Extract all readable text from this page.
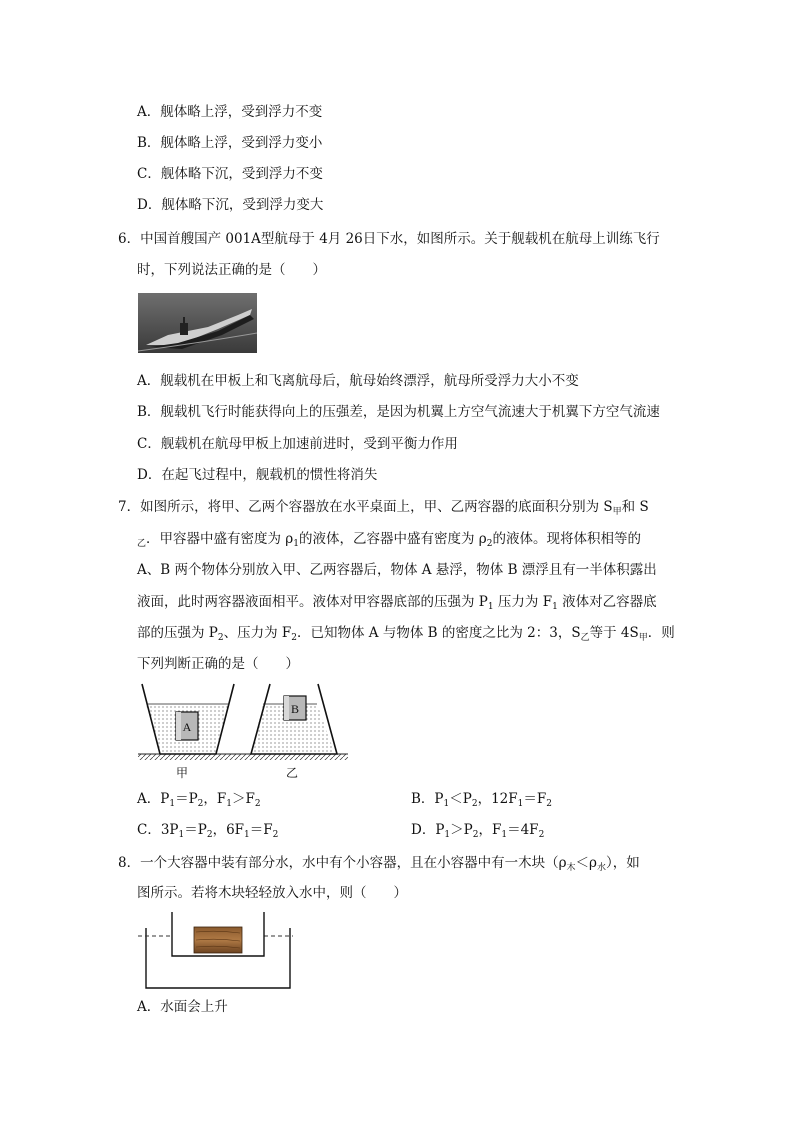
A．舰体略上浮，受到浮力不变
B．舰体略上浮，受到浮力变小
C．舰体略下沉，受到浮力不变
D．舰体略下沉，受到浮力变大
6．中国首艘国产 001A型航母于 4月 26日下水，如图所示。关于舰载机在航母上训练飞行
时，下列说法正确的是（　　）
A．舰载机在甲板上和飞离航母后，航母始终漂浮，航母所受浮力大小不变
B．舰载机飞行时能获得向上的压强差，是因为机翼上方空气流速大于机翼下方空气流速
C．舰载机在航母甲板上加速前进时，受到平衡力作用
D．在起飞过程中，舰载机的惯性将消失
7．如图所示，将甲、乙两个容器放在水平桌面上，甲、乙两容器的底面积分别为 $S_甲$和 S
$_乙$．甲容器中盛有密度为 $\rho_1$的液体，乙容器中盛有密度为 $\rho_2$的液体。现将体积相等的
A、B 两个物体分别放入甲、乙两容器后，物体 A 悬浮，物体 B 漂浮且有一半体积露出
液面，此时两容器液面相平。液体对甲容器底部的压强为 $P_1$ 压力为 $F_1$ 液体对乙容器底
部的压强为 $P_2$、压力为 $F_2$．已知物体 A 与物体 B 的密度之比为 2：3，$S_乙$等于 $4S_甲$．则
下列判断正确的是（　　）
A
B
甲	乙
A．$P_1=P_2$，$F_1>F_2$	B．$P_1<P_2$，$12F_1=F_2$
C．$3P_1=P_2$，$6F_1=F_2$	D．$P_1>P_2$，$F_1=4F_2$
8．一个大容器中装有部分水，水中有个小容器，且在小容器中有一木块$(\rho_木<\rho_水)$，如
图所示。若将木块轻轻放入水中，则（　　）
A．水面会上升
